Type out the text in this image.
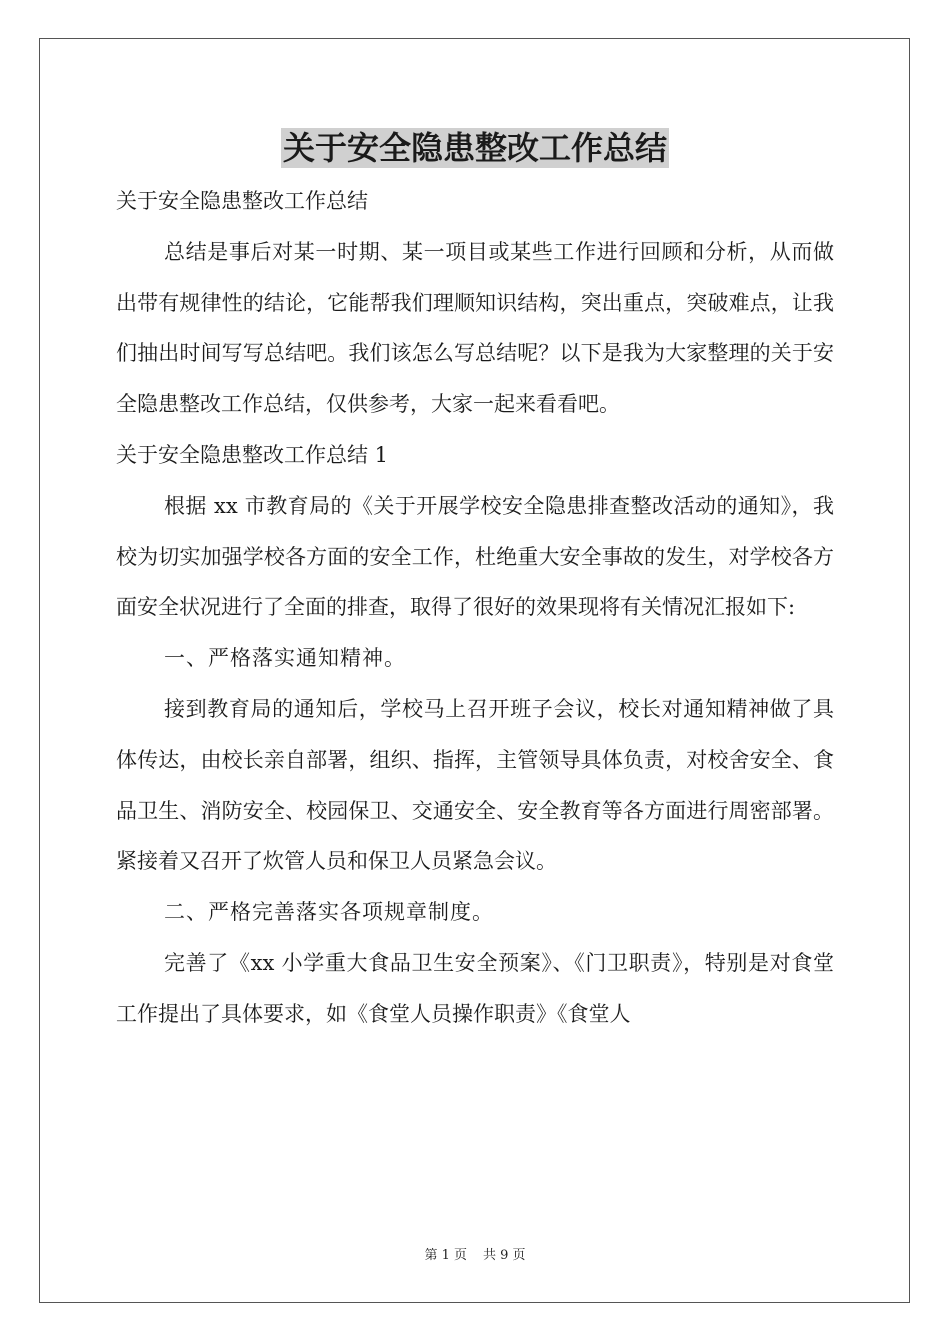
关于安全隐患整改工作总结

关于安全隐患整改工作总结

总结是事后对某一时期、某一项目或某些工作进行回顾和分析，从而做出带有规律性的结论，它能帮我们理顺知识结构，突出重点，突破难点，让我们抽出时间写写总结吧。我们该怎么写总结呢？以下是我为大家整理的关于安全隐患整改工作总结，仅供参考，大家一起来看看吧。

关于安全隐患整改工作总结 1

根据 xx 市教育局的《关于开展学校安全隐患排查整改活动的通知》，我校为切实加强学校各方面的安全工作，杜绝重大安全事故的发生，对学校各方面安全状况进行了全面的排查，取得了很好的效果现将有关情况汇报如下:

一、严格落实通知精神。

接到教育局的通知后，学校马上召开班子会议，校长对通知精神做了具体传达，由校长亲自部署，组织、指挥，主管领导具体负责，对校舍安全、食品卫生、消防安全、校园保卫、交通安全、安全教育等各方面进行周密部署。紧接着又召开了炊管人员和保卫人员紧急会议。

二、严格完善落实各项规章制度。

完善了《xx 小学重大食品卫生安全预案》、《门卫职责》，特别是对食堂工作提出了具体要求，如《食堂人员操作职责》《食堂人

第 1 页 共 9 页
